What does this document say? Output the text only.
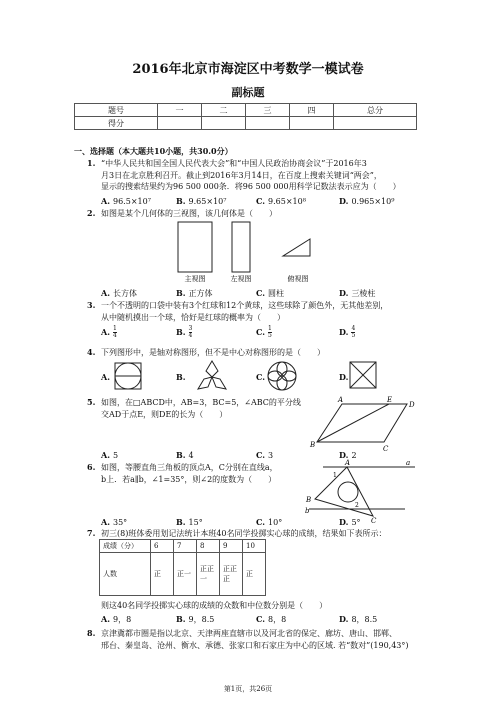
2016年北京市海淀区中考数学一模试卷
副标题
题号	一	二	三	四	总分
得分					
一、选择题（本大题共10小题，共30.0分）
1. “中华人民共和国全国人民代表大会”和“中国人民政治协商会议”于2016年3
月3日在北京胜利召开。截止到2016年3月14日，在百度上搜索关键词“两会”，
显示的搜索结果约为96 500 000条．将96 500 000用科学记数法表示应为（　　）
A. 96.5×10⁷	B. 9.65×10⁷	C. 9.65×10⁸	D. 0.965×10⁹
2. 如图是某个几何体的三视图，该几何体是（　　）
主视图	左视图	俯视图
A. 长方体	B. 正方体	C. 圆柱	D. 三棱柱
3. 一个不透明的口袋中装有3个红球和12个黄球，这些球除了颜色外，无其他差别，
从中随机摸出一个球，恰好是红球的概率为（　　）
A. $\frac{1}{4}$	B. $\frac{3}{4}$	C. $\frac{1}{5}$	D. $\frac{4}{5}$
4. 下列图形中，是轴对称图形，但不是中心对称图形的是（　　）
A.	B.	C.	D.
5. 如图，在□ABCD中，AB=3，BC=5，∠ABC的平分线
交AD于点E，则DE的长为（　　）
A	E
D
B	C
A. 5	B. 4	C. 3	D. 2
6. 如图，等腰直角三角板的顶点A，C分别在直线a，
b上．若a∥b，∠1=35°，则∠2的度数为（　　）
A	a
1
B
2
b
C
A. 35°	B. 15°	C. 10°	D. 5°
7. 初三(8)班体委用划记法统计本班40名同学投掷实心球的成绩，结果如下表所示：
成绩（分）	6	7	8	9	10
人数	正	正一	正正一	正正正	正
则这40名同学投掷实心球的成绩的众数和中位数分别是（　　）
A. 9，8	B. 9，8.5	C. 8，8	D. 8，8.5
8. 京津冀都市圈是指以北京、天津两座直辖市以及河北省的保定、廊坊、唐山、邯郸、
邢台、秦皇岛、沧州、衡水、承德、张家口和石家庄为中心的区域. 若“数对”(190,43°)
第1页，共26页
